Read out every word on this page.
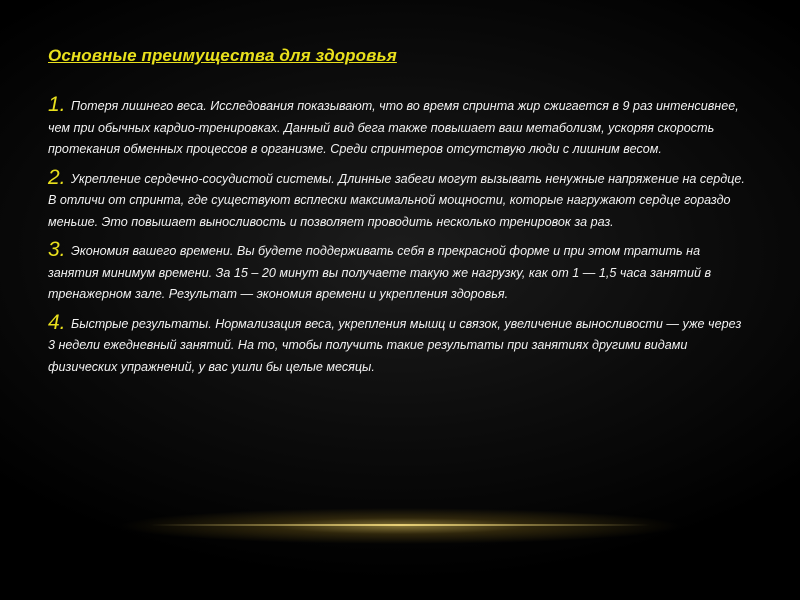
Основные преимущества для здоровья

1. Потеря лишнего веса. Исследования показывают, что во время спринта жир сжигается в 9 раз интенсивнее, чем при обычных кардио-тренировках. Данный вид бега также повышает ваш метаболизм, ускоряя скорость протекания обменных процессов в организме. Среди спринтеров отсутствую люди с лишним весом.

2. Укрепление сердечно-сосудистой системы. Длинные забеги могут вызывать ненужные напряжение на сердце. В отличи от спринта, где существуют всплески максимальной мощности, которые нагружают сердце гораздо меньше. Это повышает выносливость и позволяет проводить несколько тренировок за раз.

3. Экономия вашего времени. Вы будете поддерживать себя в прекрасной форме и при этом тратить на занятия минимум времени. За 15 – 20 минут вы получаете такую же нагрузку, как от 1 — 1,5 часа занятий в тренажерном зале. Результат — экономия времени и укрепления здоровья.

4. Быстрые результаты. Нормализация веса, укрепления мышц и связок, увеличение выносливости — уже через 3 недели ежедневный занятий. На то, чтобы получить такие результаты при занятиях другими видами физических упражнений, у вас ушли бы целые месяцы.
